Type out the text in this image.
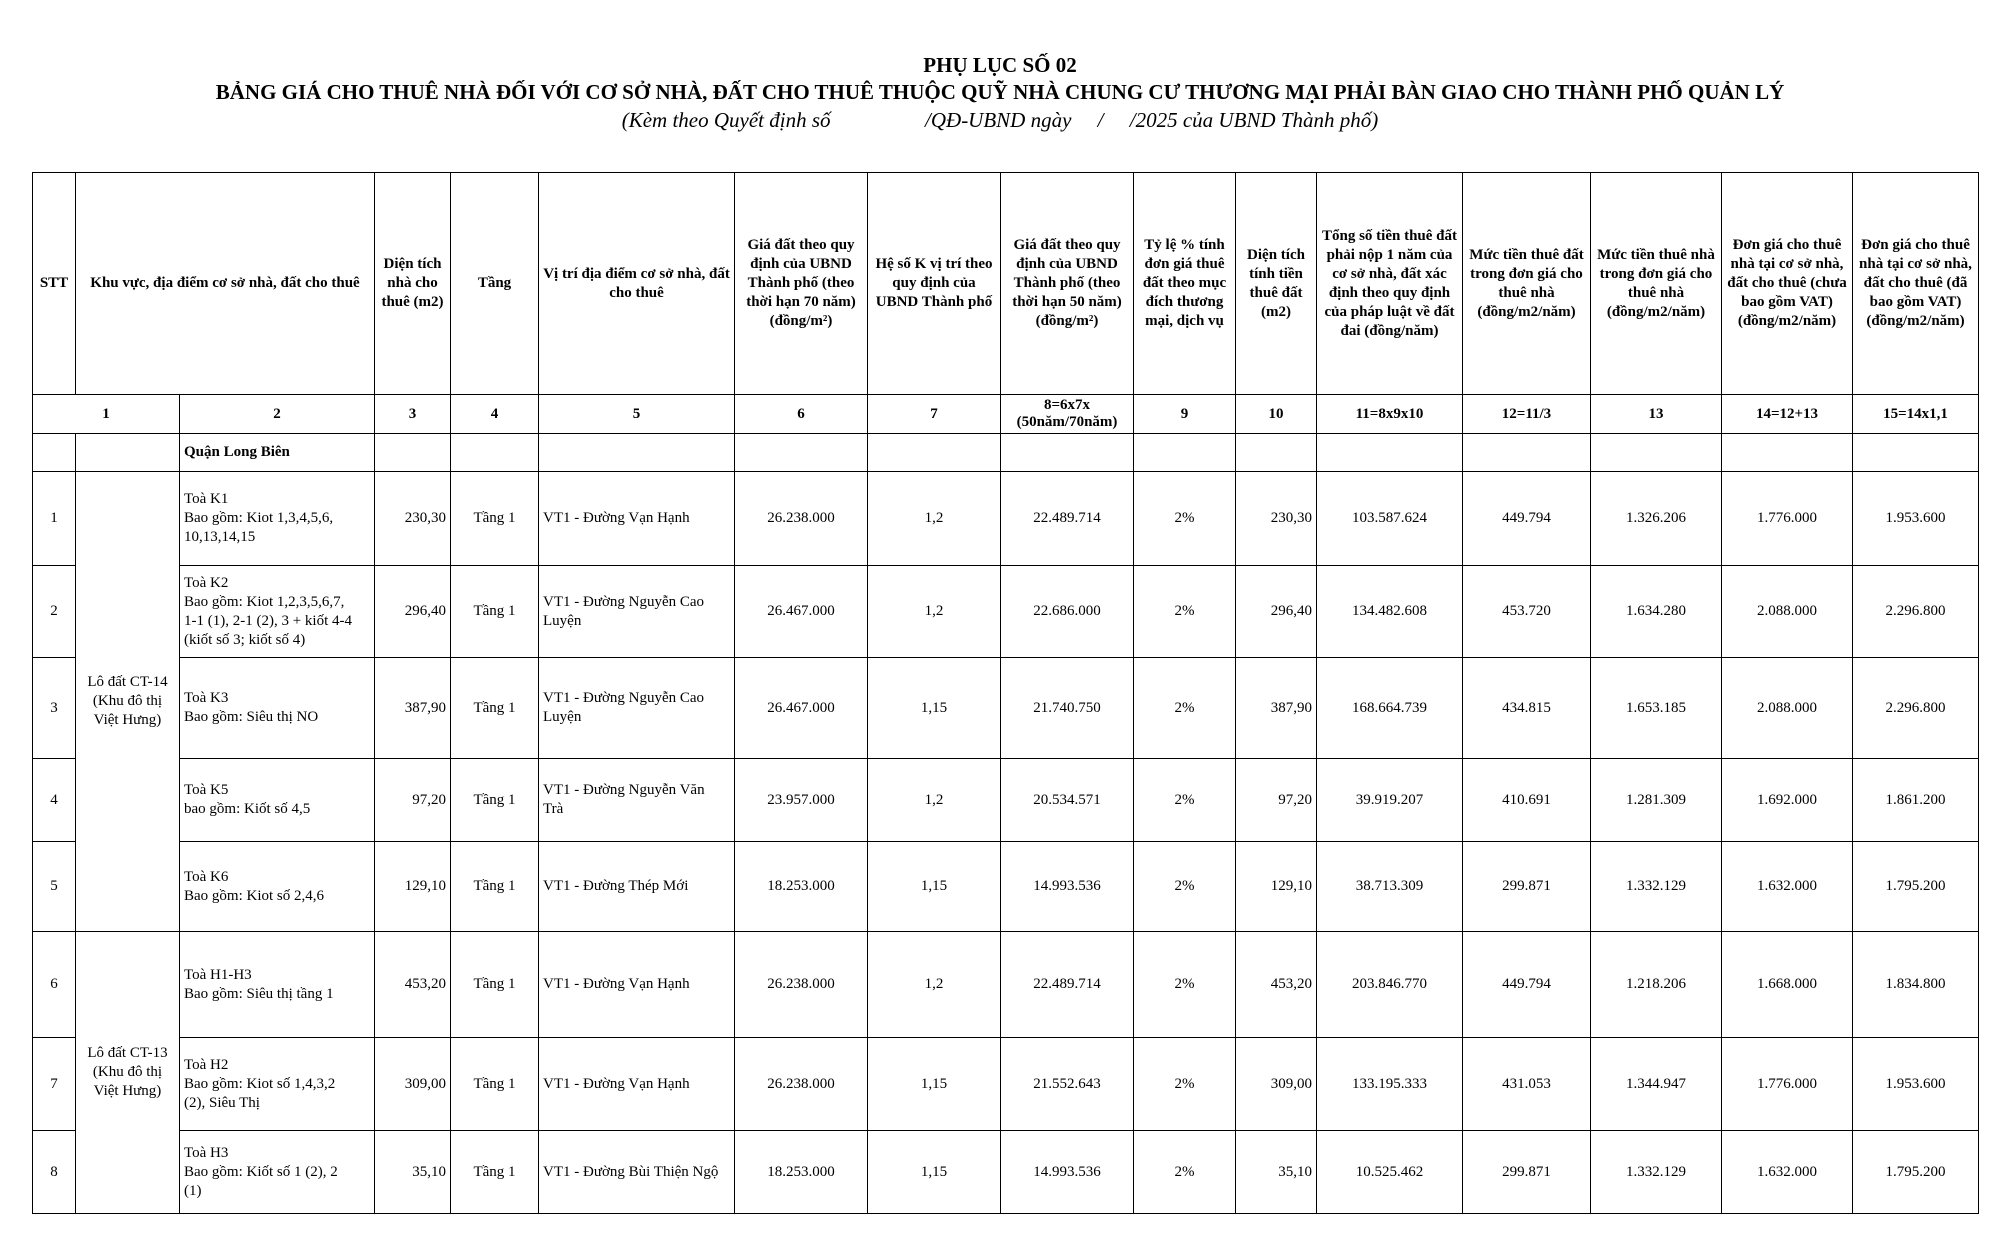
PHỤ LỤC SỐ 02
BẢNG GIÁ CHO THUÊ NHÀ ĐỐI VỚI CƠ SỞ NHÀ, ĐẤT CHO THUÊ THUỘC QUỸ NHÀ CHUNG CƯ THƯƠNG MẠI PHẢI BÀN GIAO CHO THÀNH PHỐ QUẢN LÝ
(Kèm theo Quyết định số                  /QĐ-UBND ngày     /     /2025 của UBND Thành phố)
STT	Khu vực, địa điểm cơ sở nhà, đất cho thuê		Diện tích nhà cho thuê (m2)	Tầng	Vị trí địa điểm cơ sở nhà, đất cho thuê	Giá đất theo quy định của UBND Thành phố (theo thời hạn 70 năm) (đồng/m²)	Hệ số K vị trí theo quy định của UBND Thành phố	Giá đất theo quy định của UBND Thành phố (theo thời hạn 50 năm) (đồng/m²)	Tỷ lệ % tính đơn giá thuê đất theo mục đích thương mại, dịch vụ	Diện tích tính tiền thuê đất (m2)	Tổng số tiền thuê đất phải nộp 1 năm của cơ sở nhà, đất xác định theo quy định của pháp luật về đất đai (đồng/năm)	Mức tiền thuê đất trong đơn giá cho thuê nhà (đồng/m2/năm)	Mức tiền thuê nhà trong đơn giá cho thuê nhà (đồng/m2/năm)	Đơn giá cho thuê nhà tại cơ sở nhà, đất cho thuê (chưa bao gồm VAT) (đồng/m2/năm)	Đơn giá cho thuê nhà tại cơ sở nhà, đất cho thuê (đã bao gồm VAT) (đồng/m2/năm)
1		2	3	4	5	6	7	8=6x7x
(50năm/70năm)	9	10	11=8x9x10	12=11/3	13	14=12+13	15=14x1,1
		Quận Long Biên													
1	Lô đất CT-14
(Khu đô thị
Việt Hưng)	Toà K1
Bao gồm: Kiot 1,3,4,5,6,
10,13,14,15	230,30	Tầng 1	VT1 - Đường Vạn Hạnh	26.238.000	1,2	22.489.714	2%	230,30	103.587.624	449.794	1.326.206	1.776.000	1.953.600
2		Toà K2
Bao gồm: Kiot 1,2,3,5,6,7,
1-1 (1), 2-1 (2), 3 + kiốt 4-4
(kiốt số 3; kiốt số 4)	296,40	Tầng 1	VT1 - Đường Nguyễn Cao
Luyện	26.467.000	1,2	22.686.000	2%	296,40	134.482.608	453.720	1.634.280	2.088.000	2.296.800
3		Toà K3
Bao gồm: Siêu thị NO	387,90	Tầng 1	VT1 - Đường Nguyễn Cao
Luyện	26.467.000	1,15	21.740.750	2%	387,90	168.664.739	434.815	1.653.185	2.088.000	2.296.800
4		Toà K5
bao gồm: Kiốt số 4,5	97,20	Tầng 1	VT1 - Đường Nguyễn Văn
Trà	23.957.000	1,2	20.534.571	2%	97,20	39.919.207	410.691	1.281.309	1.692.000	1.861.200
5		Toà K6
Bao gồm: Kiot số 2,4,6	129,10	Tầng 1	VT1 - Đường Thép Mới	18.253.000	1,15	14.993.536	2%	129,10	38.713.309	299.871	1.332.129	1.632.000	1.795.200
6	Lô đất CT-13
(Khu đô thị
Việt Hưng)	Toà H1-H3
Bao gồm: Siêu thị tầng 1	453,20	Tầng 1	VT1 - Đường Vạn Hạnh	26.238.000	1,2	22.489.714	2%	453,20	203.846.770	449.794	1.218.206	1.668.000	1.834.800
7		Toà H2
Bao gồm: Kiot số 1,4,3,2
(2), Siêu Thị	309,00	Tầng 1	VT1 - Đường Vạn Hạnh	26.238.000	1,15	21.552.643	2%	309,00	133.195.333	431.053	1.344.947	1.776.000	1.953.600
8		Toà H3
Bao gồm: Kiốt số 1 (2), 2
(1)	35,10	Tầng 1	VT1 - Đường Bùi Thiện Ngộ	18.253.000	1,15	14.993.536	2%	35,10	10.525.462	299.871	1.332.129	1.632.000	1.795.200
